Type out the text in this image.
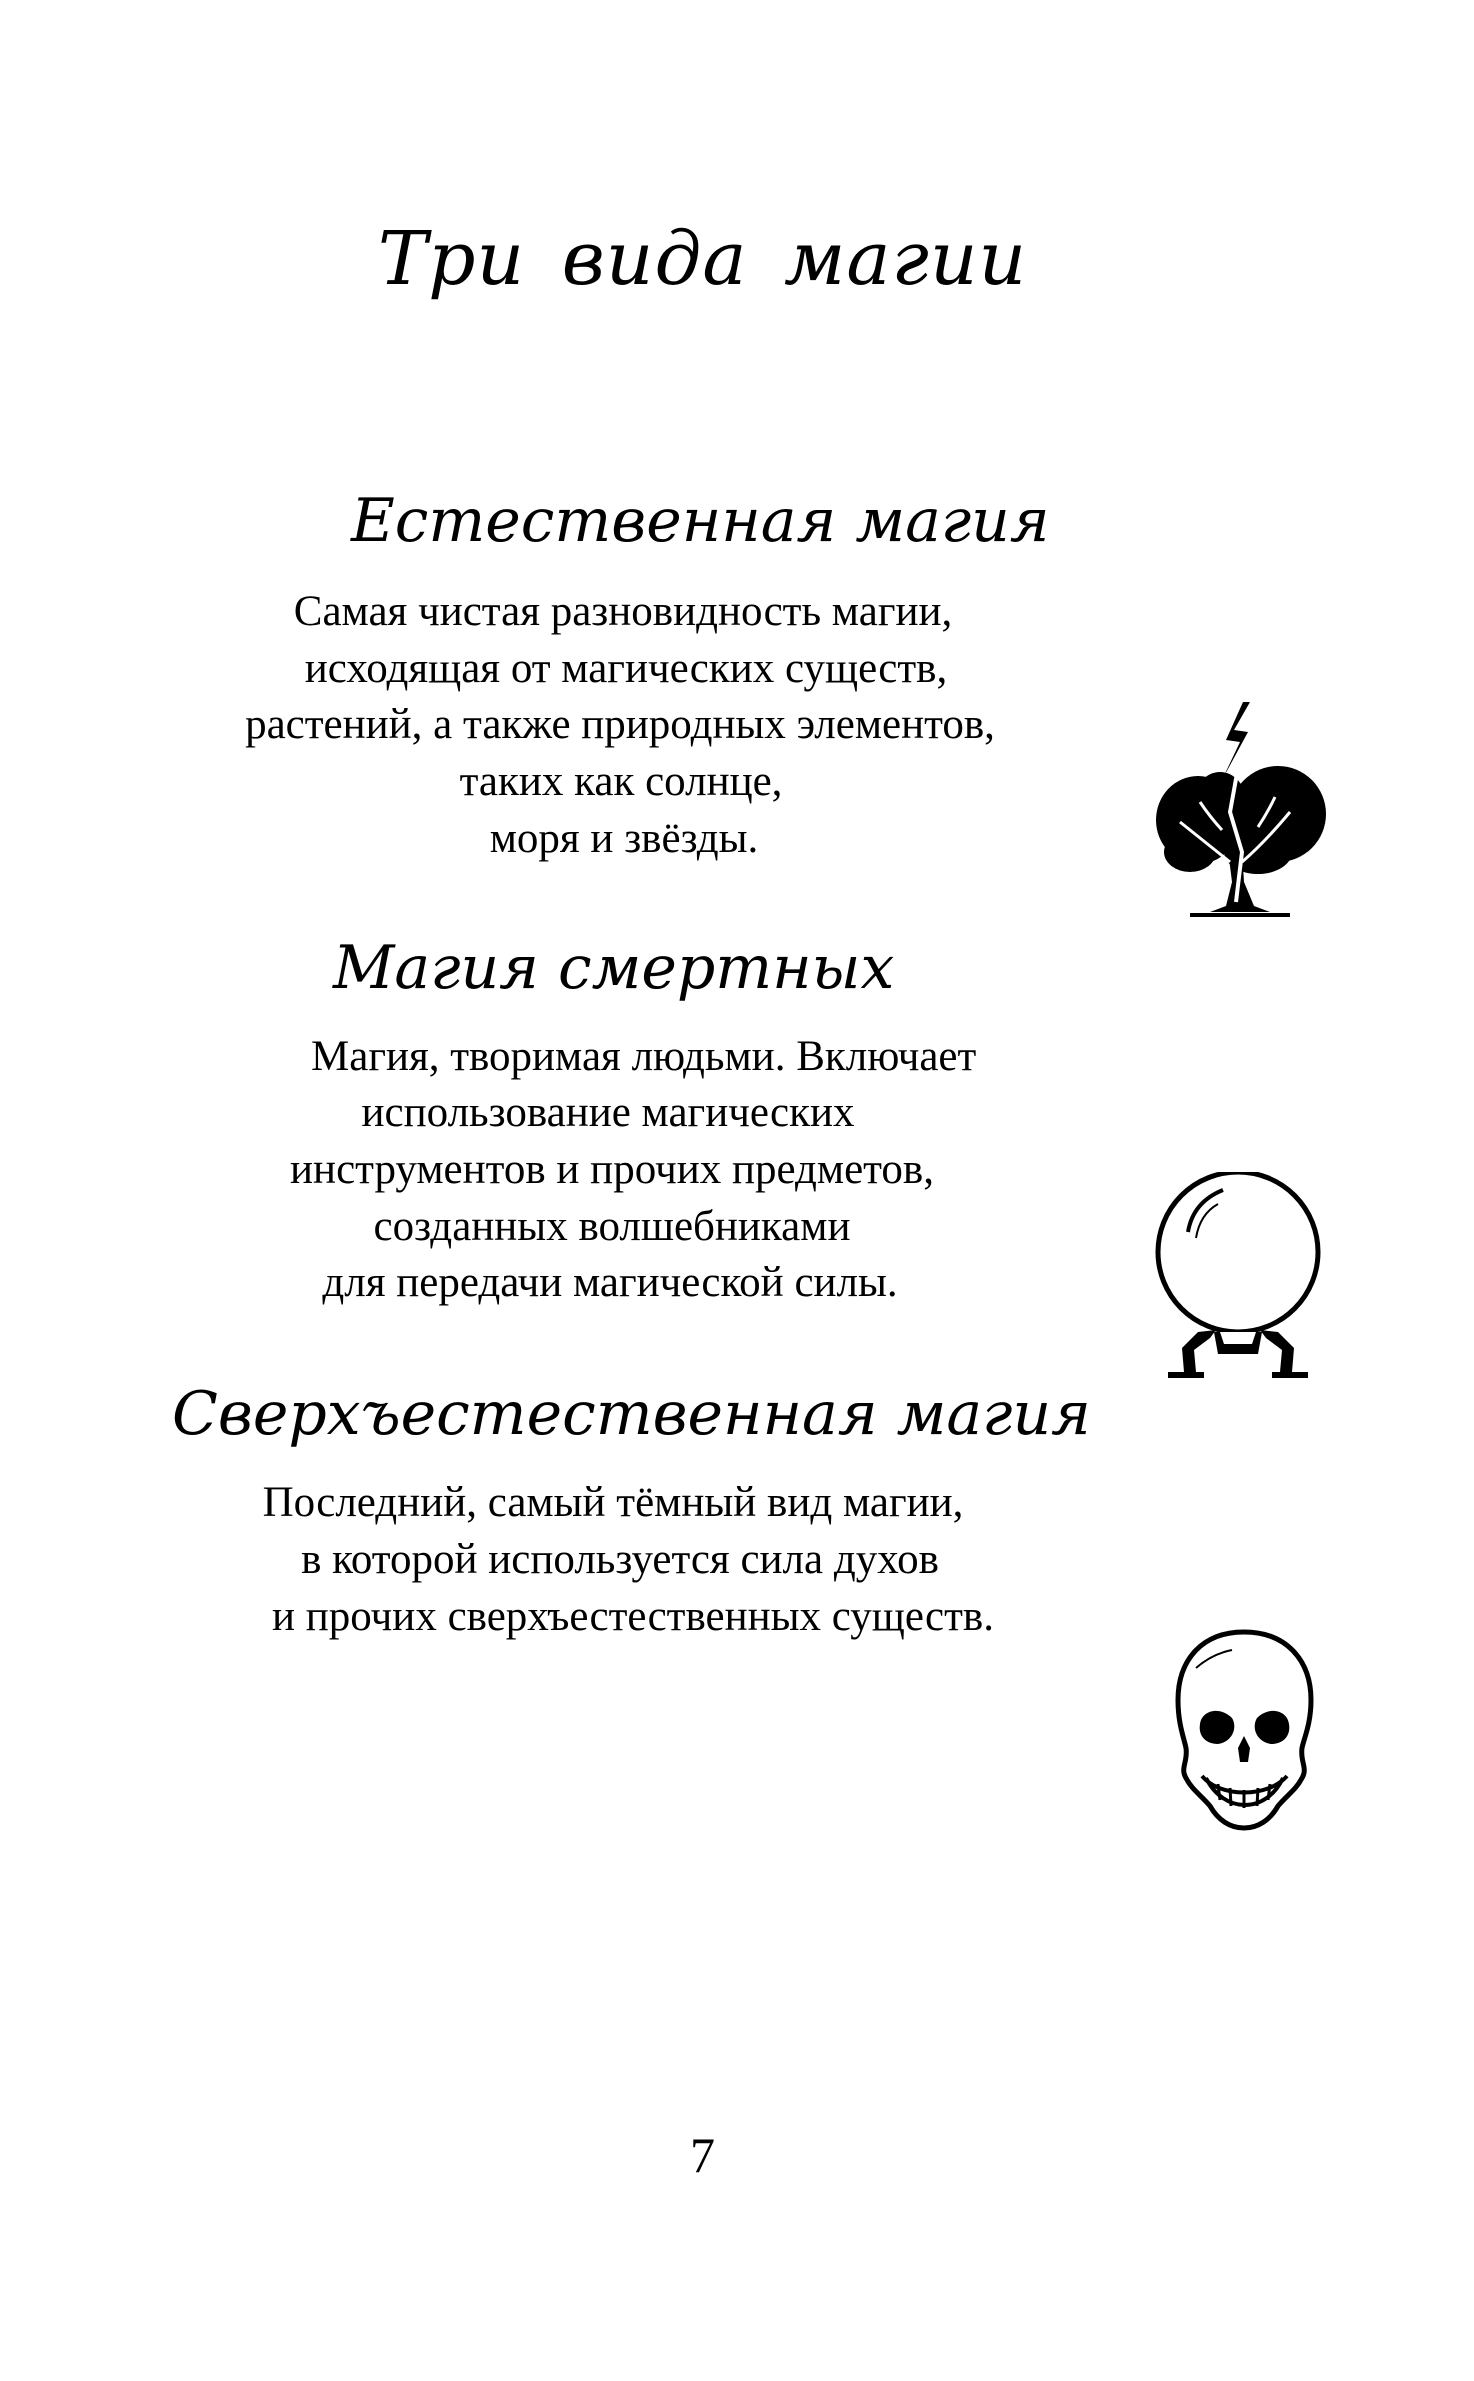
Три вида магии
Естественная магия
Самая чистая разновидность магии,
исходящая от магических существ,
растений, а также природных элементов,
таких как солнце,
моря и звёзды.
Магия смертных
Магия, творимая людьми. Включает
использование магических
инструментов и прочих предметов,
созданных волшебниками
для передачи магической силы.
Сверхъестественная магия
Последний, самый тёмный вид магии,
в которой используется сила духов
и прочих сверхъестественных существ.
7
